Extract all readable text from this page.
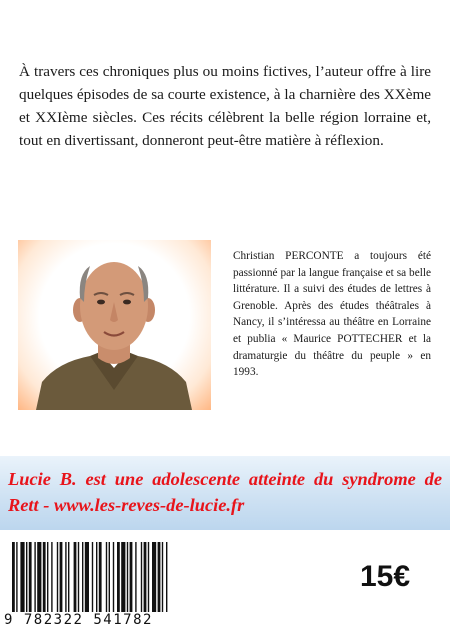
À travers ces chroniques plus ou moins fictives, l’auteur offre à lire quelques épisodes de sa courte existence, à la charnière des XXème et XXIème siècles. Ces récits célèbrent la belle région lorraine et, tout en divertissant, donneront peut-être matière à réflexion.

Christian PERCONTE a toujours été passionné par la langue française et sa belle littérature. Il a suivi des études de lettres à Grenoble. Après des études théâtrales à Nancy, il s’intéressa au théâtre en Lorraine et publia « Maurice POTTECHER et la dramaturgie du théâtre du peuple » en 1993.

Lucie B. est une adolescente atteinte du syndrome de Rett - www.les-reves-de-lucie.fr

9 782322 541782
15€
